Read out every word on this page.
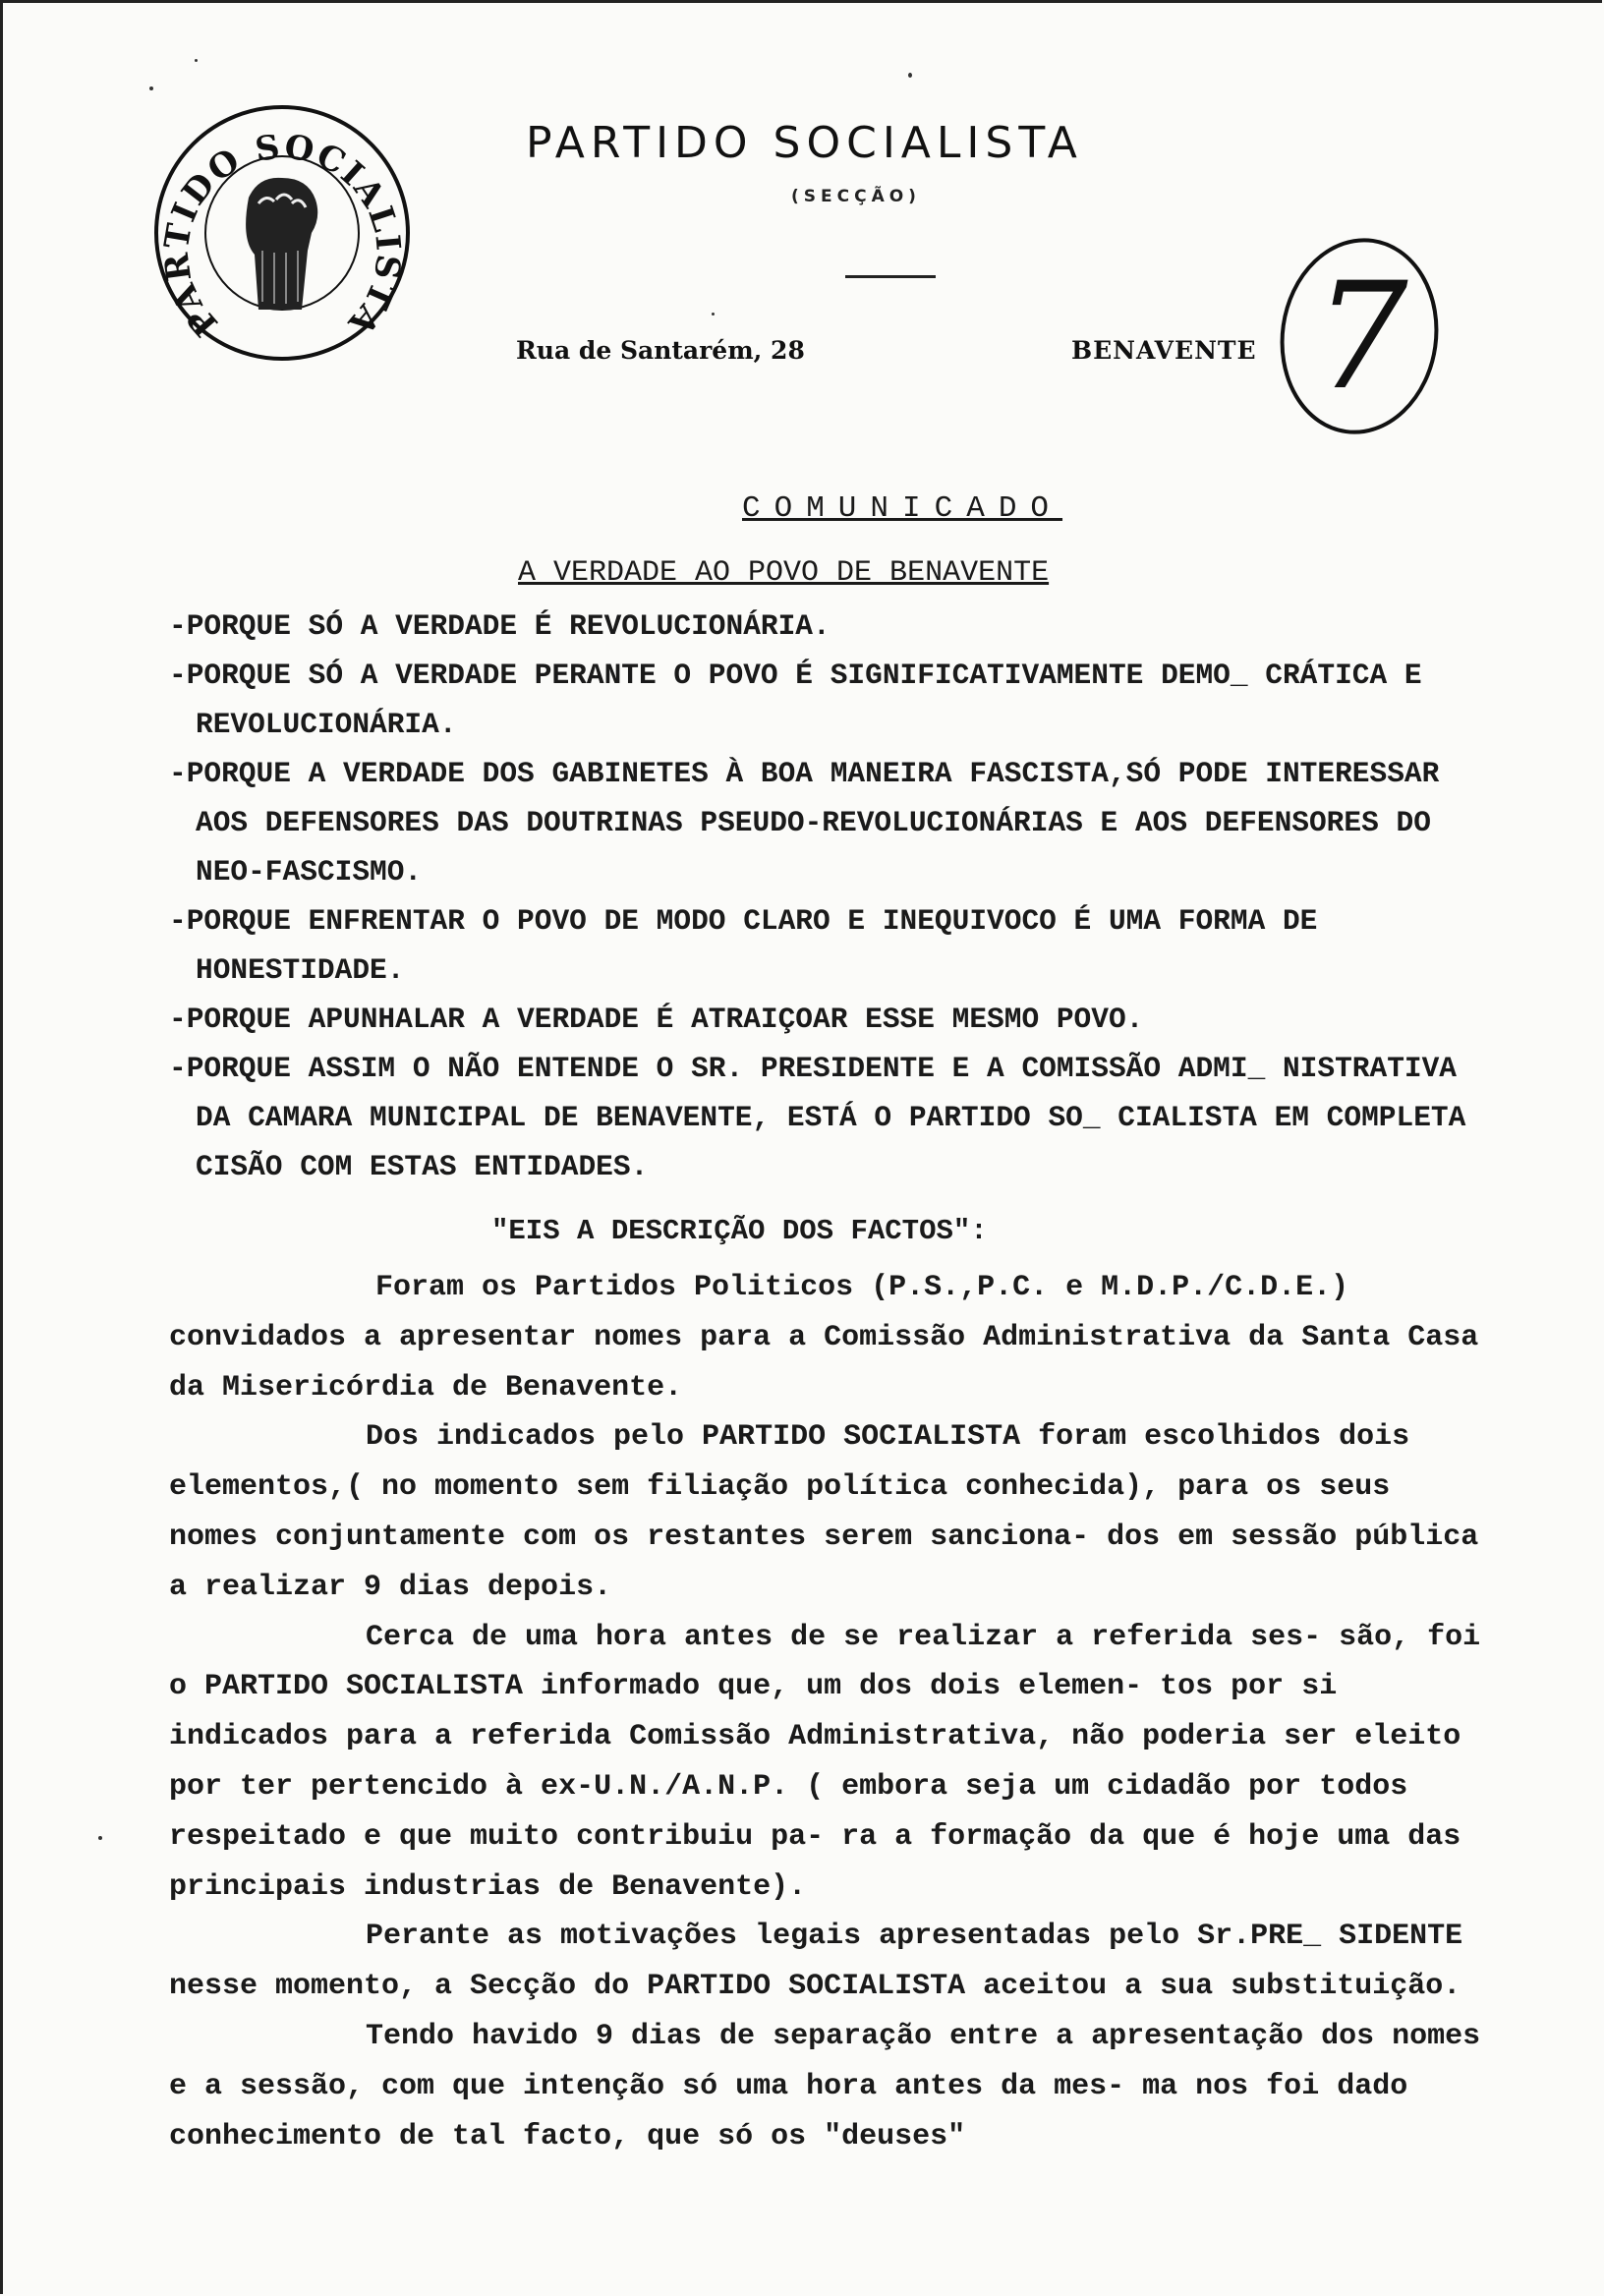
PARTIDO SOCIALISTA
PARTIDO SOCIALISTA
(SECÇÃO)
Rua de Santarém, 28	BENAVENTE 7
COMUNICADO
A VERDADE AO POVO DE BENAVENTE
-PORQUE SÓ A VERDADE É REVOLUCIONÁRIA.
-PORQUE SÓ A VERDADE PERANTE O POVO É SIGNIFICATIVAMENTE DEMO_ CRÁTICA E REVOLUCIONÁRIA.
-PORQUE A VERDADE DOS GABINETES À BOA MANEIRA FASCISTA,SÓ PODE INTERESSAR AOS DEFENSORES DAS DOUTRINAS PSEUDO-REVOLUCIONÁRIAS E AOS DEFENSORES DO NEO-FASCISMO.
-PORQUE ENFRENTAR O POVO DE MODO CLARO E INEQUIVOCO É UMA FORMA DE HONESTIDADE.
-PORQUE APUNHALAR A VERDADE É ATRAIÇOAR ESSE MESMO POVO.
-PORQUE ASSIM O NÃO ENTENDE O SR. PRESIDENTE E A COMISSÃO ADMI_ NISTRATIVA DA CAMARA MUNICIPAL DE BENAVENTE, ESTÁ O PARTIDO SO_ CIALISTA EM COMPLETA CISÃO COM ESTAS ENTIDADES.
"EIS A DESCRIÇÃO DOS FACTOS":

Foram os Partidos Politicos (P.S.,P.C. e M.D.P./C.D.E.) convidados a apresentar nomes para a Comissão Administrativa da Santa Casa da Misericórdia de Benavente.

Dos indicados pelo PARTIDO SOCIALISTA foram escolhidos dois elementos,( no momento sem filiação política conhecida), para os seus nomes conjuntamente com os restantes serem sanciona- dos em sessão pública a realizar 9 dias depois.

Cerca de uma hora antes de se realizar a referida ses- são, foi o PARTIDO SOCIALISTA informado que, um dos dois elemen- tos por si indicados para a referida Comissão Administrativa, não poderia ser eleito por ter pertencido à ex-U.N./A.N.P. ( embora seja um cidadão por todos respeitado e que muito contribuiu pa- ra a formação da que é hoje uma das principais industrias de Benavente).

Perante as motivações legais apresentadas pelo Sr.PRE_ SIDENTE nesse momento, a Secção do PARTIDO SOCIALISTA aceitou a sua substituição.

Tendo havido 9 dias de separação entre a apresentação dos nomes e a sessão, com que intenção só uma hora antes da mes- ma nos foi dado conhecimento de tal facto, que só os "deuses"
